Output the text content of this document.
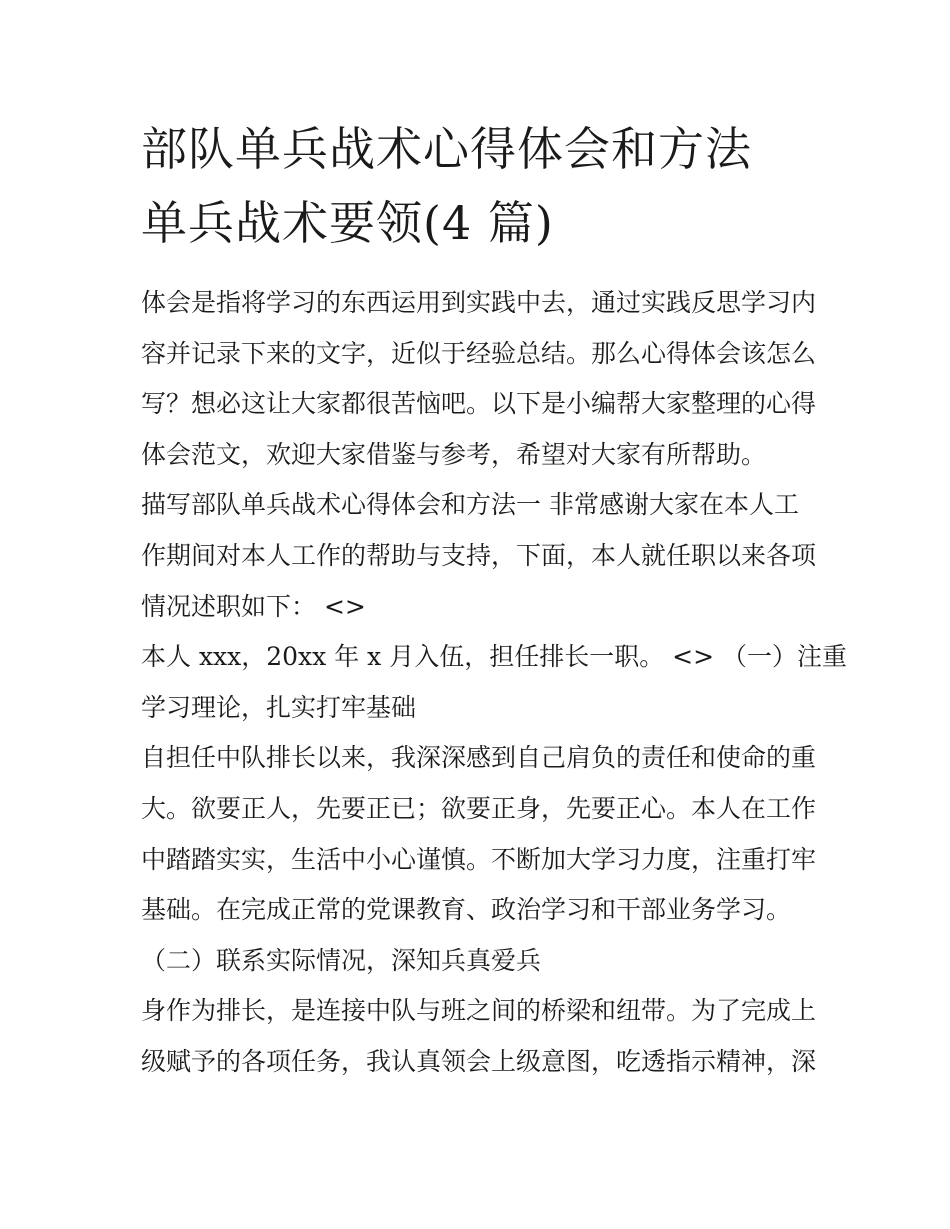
部队单兵战术心得体会和方法
单兵战术要领(4 篇)
体会是指将学习的东西运用到实践中去，通过实践反思学习内
容并记录下来的文字，近似于经验总结。那么心得体会该怎么
写？想必这让大家都很苦恼吧。以下是小编帮大家整理的心得
体会范文，欢迎大家借鉴与参考，希望对大家有所帮助。
描写部队单兵战术心得体会和方法一 非常感谢大家在本人工
作期间对本人工作的帮助与支持，下面，本人就任职以来各项
情况述职如下： <>
本人 xxx，20xx 年 x 月入伍，担任排长一职。 <> （一）注重
学习理论，扎实打牢基础
自担任中队排长以来，我深深感到自己肩负的责任和使命的重
大。欲要正人，先要正已；欲要正身，先要正心。本人在工作
中踏踏实实，生活中小心谨慎。不断加大学习力度，注重打牢
基础。在完成正常的党课教育、政治学习和干部业务学习。
（二）联系实际情况，深知兵真爱兵
身作为排长，是连接中队与班之间的桥梁和纽带。为了完成上
级赋予的各项任务，我认真领会上级意图，吃透指示精神，深
